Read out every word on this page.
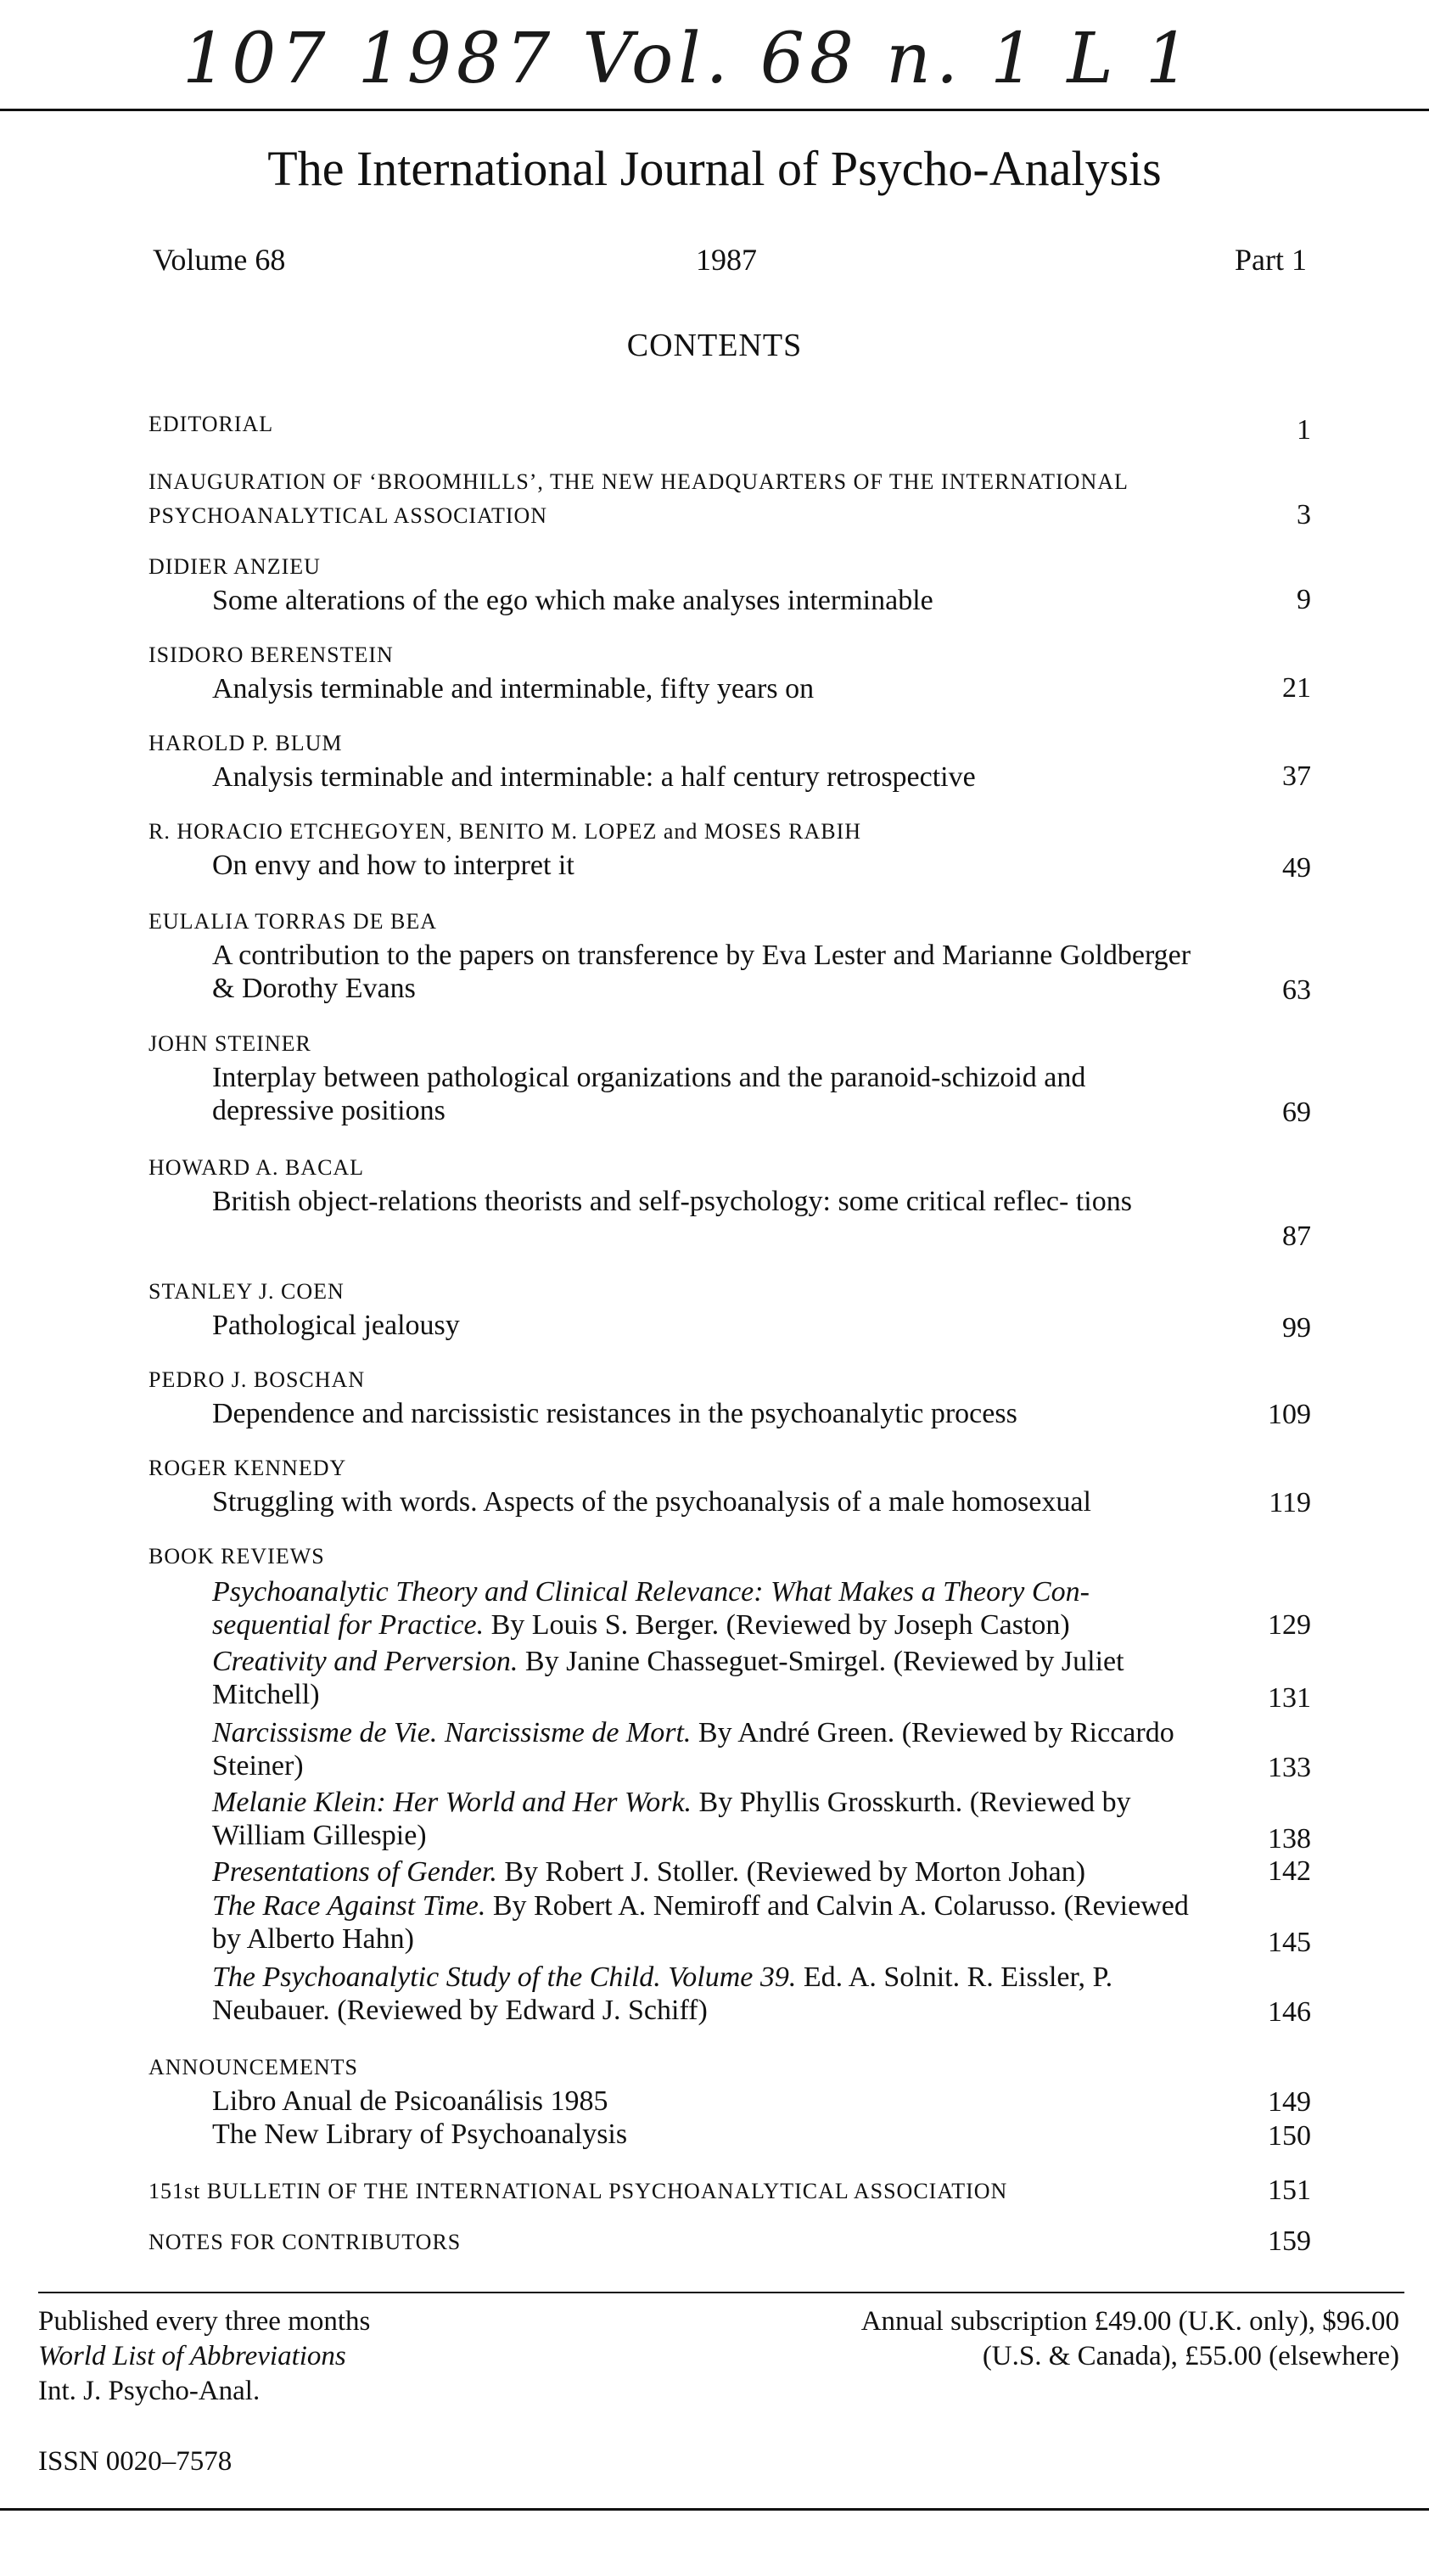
107 1987 Vol. 68 n. 1 L 1
The International Journal of Psycho-Analysis
Volume 68	1987	Part 1
CONTENTS
EDITORIAL	1
INAUGURATION OF ‘BROOMHILLS’, THE NEW HEADQUARTERS OF THE INTERNATIONAL PSYCHOANALYTICAL ASSOCIATION	3
DIDIER ANZIEU
Some alterations of the ego which make analyses interminable	9
ISIDORO BERENSTEIN
Analysis terminable and interminable, fifty years on	21
HAROLD P. BLUM
Analysis terminable and interminable: a half century retrospective	37
R. HORACIO ETCHEGOYEN, BENITO M. LOPEZ and MOSES RABIH
On envy and how to interpret it	49
EULALIA TORRAS DE BEA
A contribution to the papers on transference by Eva Lester and Marianne Goldberger & Dorothy Evans	63
JOHN STEINER
Interplay between pathological organizations and the paranoid-schizoid and depressive positions	69
HOWARD A. BACAL
British object-relations theorists and self-psychology: some critical reflec- tions
87
STANLEY J. COEN
Pathological jealousy	99
PEDRO J. BOSCHAN
Dependence and narcissistic resistances in the psychoanalytic process	109
ROGER KENNEDY
Struggling with words. Aspects of the psychoanalysis of a male homosexual	119
BOOK REVIEWS
Psychoanalytic Theory and Clinical Relevance: What Makes a Theory Con- sequential for Practice. By Louis S. Berger. (Reviewed by Joseph Caston)	129
Creativity and Perversion. By Janine Chasseguet-Smirgel. (Reviewed by Juliet Mitchell)	131
Narcissisme de Vie. Narcissisme de Mort. By André Green. (Reviewed by Riccardo Steiner)	133
Melanie Klein: Her World and Her Work. By Phyllis Grosskurth. (Reviewed by William Gillespie)	138
Presentations of Gender. By Robert J. Stoller. (Reviewed by Morton Johan)	142
The Race Against Time. By Robert A. Nemiroff and Calvin A. Colarusso. (Reviewed by Alberto Hahn)	145
The Psychoanalytic Study of the Child. Volume 39. Ed. A. Solnit. R. Eissler, P. Neubauer. (Reviewed by Edward J. Schiff)	146
ANNOUNCEMENTS
Libro Anual de Psicoanálisis 1985	149
The New Library of Psychoanalysis	150
151st BULLETIN OF THE INTERNATIONAL PSYCHOANALYTICAL ASSOCIATION	151
NOTES FOR CONTRIBUTORS	159
Published every three months
World List of Abbreviations
Int. J. Psycho-Anal.
Annual subscription £49.00 (U.K. only), $96.00
(U.S. & Canada), £55.00 (elsewhere)
ISSN 0020–7578
